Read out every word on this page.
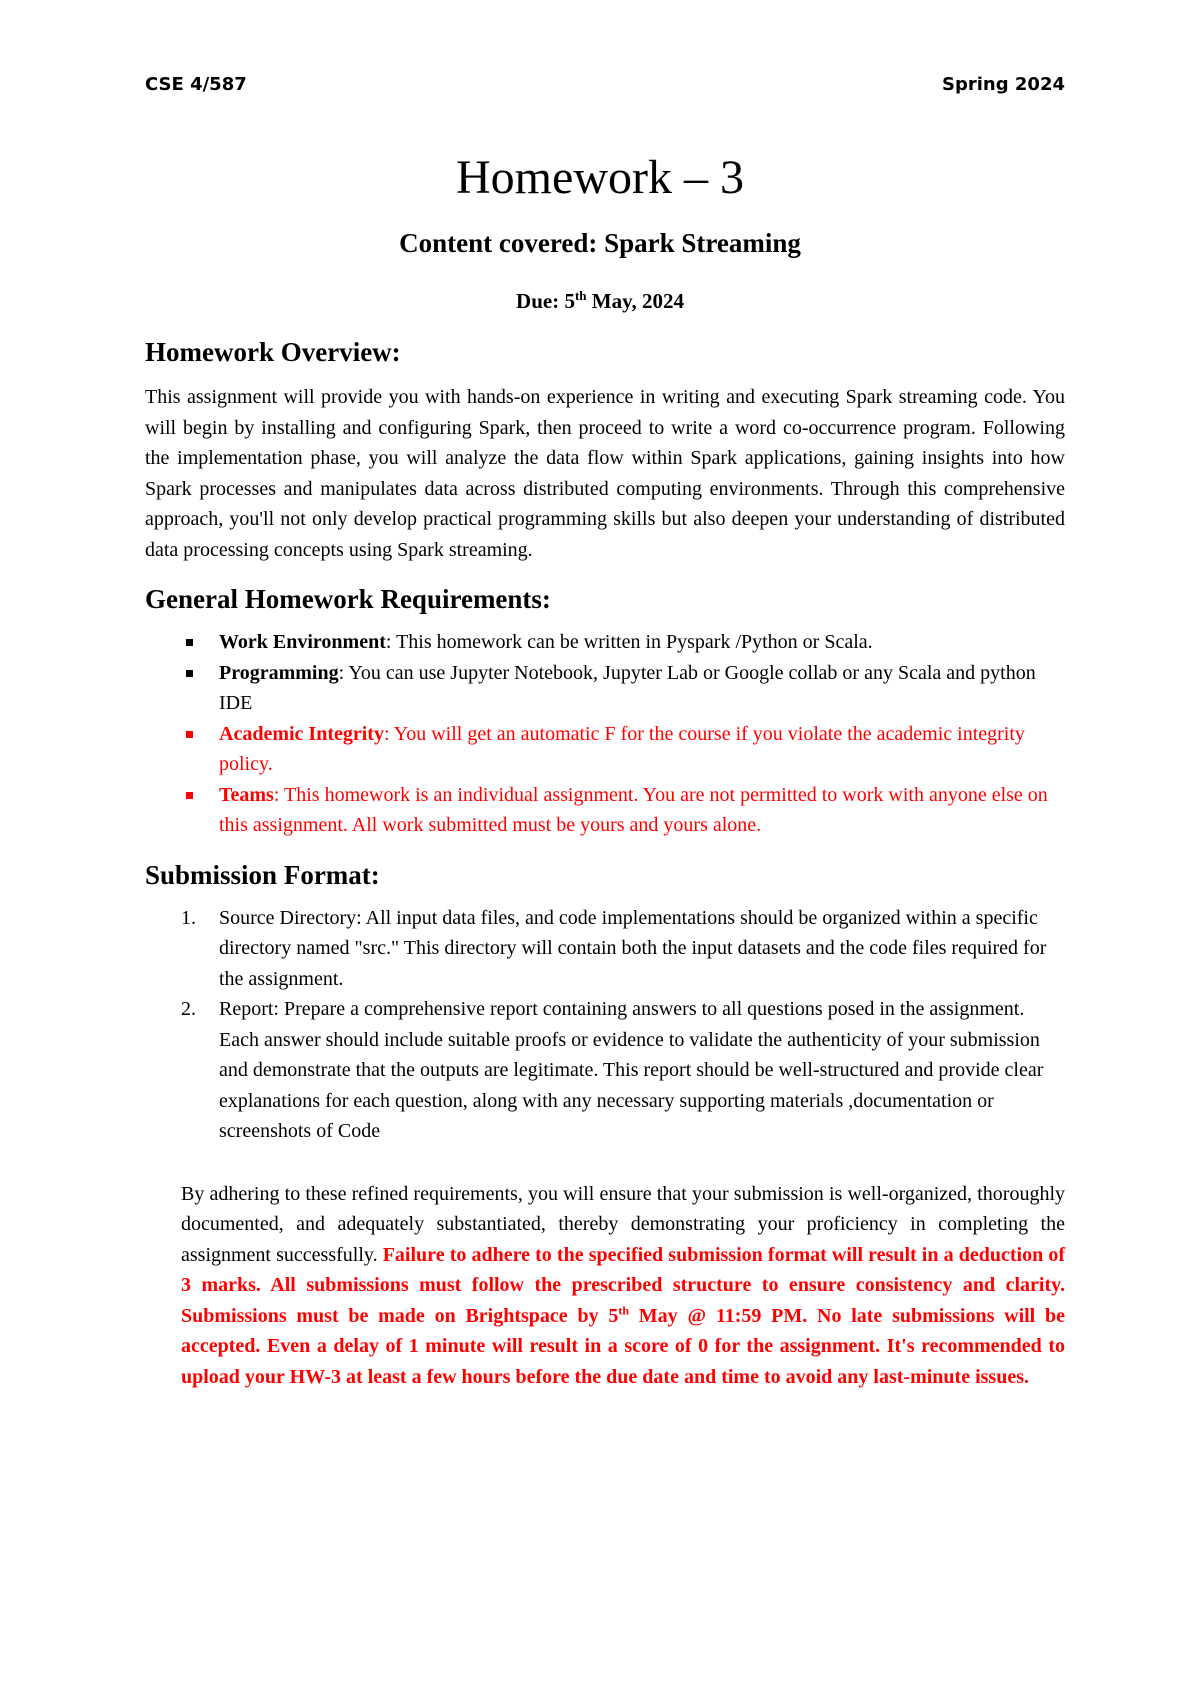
CSE 4/587	Spring 2024
Homework – 3
Content covered: Spark Streaming
Due: 5th May, 2024
Homework Overview:

This assignment will provide you with hands-on experience in writing and executing Spark streaming code. You will begin by installing and configuring Spark, then proceed to write a word co-occurrence program. Following the implementation phase, you will analyze the data flow within Spark applications, gaining insights into how Spark processes and manipulates data across distributed computing environments. Through this comprehensive approach, you'll not only develop practical programming skills but also deepen your understanding of distributed data processing concepts using Spark streaming.

General Homework Requirements:
Work Environment: This homework can be written in Pyspark /Python or Scala.
Programming: You can use Jupyter Notebook, Jupyter Lab or Google collab or any Scala and python IDE
Academic Integrity: You will get an automatic F for the course if you violate the academic integrity policy.
Teams: This homework is an individual assignment. You are not permitted to work with anyone else on this assignment. All work submitted must be yours and yours alone.
Submission Format:
1. Source Directory: All input data files, and code implementations should be organized within a specific directory named "src." This directory will contain both the input datasets and the code files required for the assignment.
2. Report: Prepare a comprehensive report containing answers to all questions posed in the assignment. Each answer should include suitable proofs or evidence to validate the authenticity of your submission and demonstrate that the outputs are legitimate. This report should be well-structured and provide clear explanations for each question, along with any necessary supporting materials ,documentation or screenshots of Code

By adhering to these refined requirements, you will ensure that your submission is well-organized, thoroughly documented, and adequately substantiated, thereby demonstrating your proficiency in completing the assignment successfully. Failure to adhere to the specified submission format will result in a deduction of 3 marks. All submissions must follow the prescribed structure to ensure consistency and clarity. Submissions must be made on Brightspace by 5th May @ 11:59 PM. No late submissions will be accepted. Even a delay of 1 minute will result in a score of 0 for the assignment. It's recommended to upload your HW-3 at least a few hours before the due date and time to avoid any last-minute issues.
